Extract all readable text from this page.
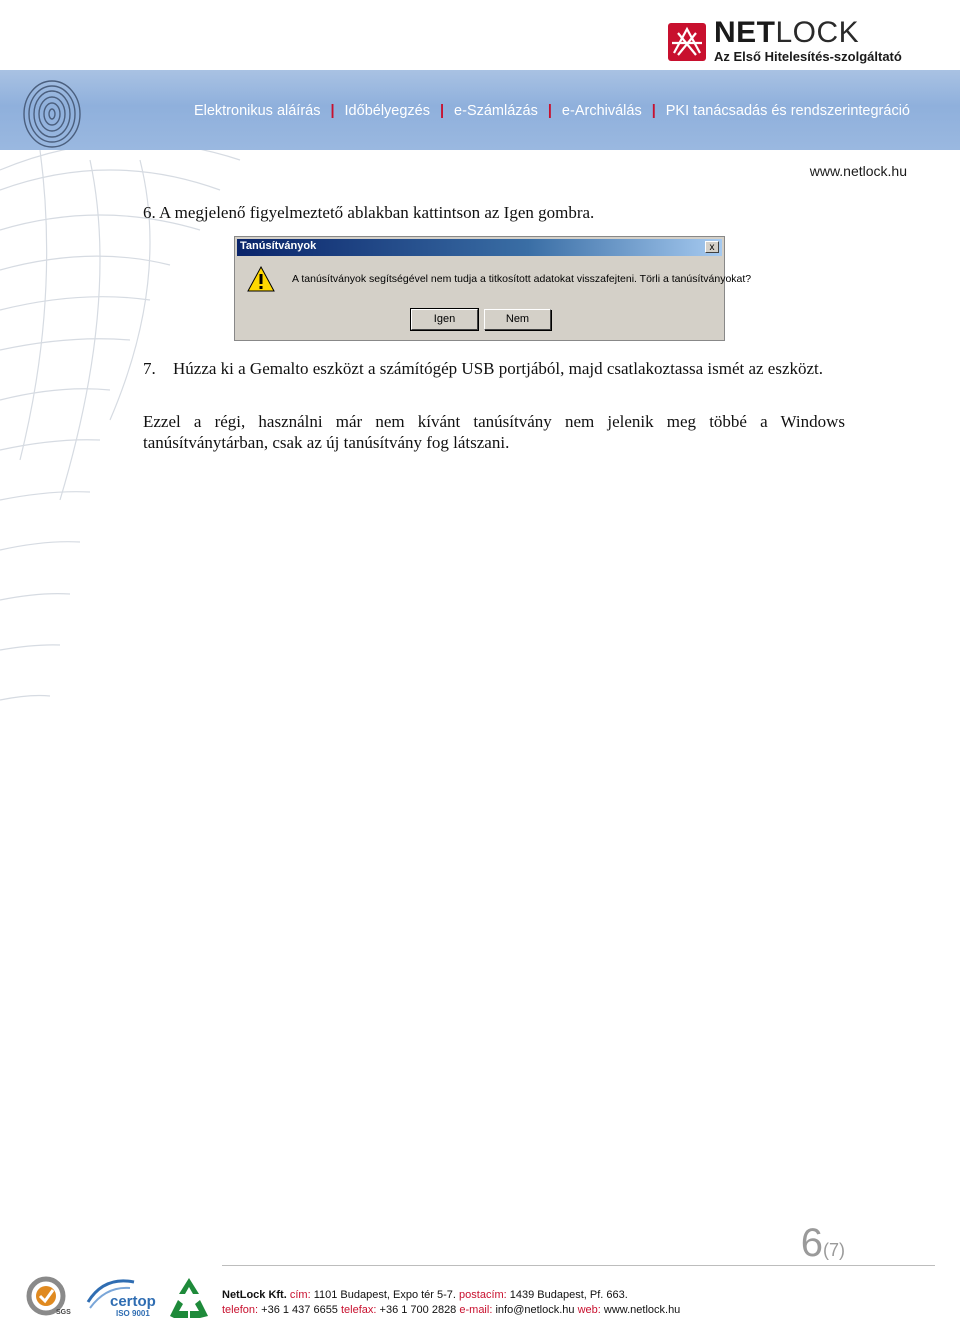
NETLOCK
Az Első Hitelesítés-szolgáltató
Elektronikus aláírás | Időbélyegzés | e-Számlázás | e-Archiválás | PKI tanácsadás és rendszerintegráció
www.netlock.hu
6. A megjelenő figyelmeztető ablakban kattintson az Igen gombra.
Tanúsítványok	x
A tanúsítványok segítségével nem tudja a titkosított adatokat visszafejteni. Törli a tanúsítványokat?
Igen	Nem
7. Húzza ki a Gemalto eszközt a számítógép USB portjából, majd csatlakoztassa ismét az eszközt.
Ezzel a régi, használni már nem kívánt tanúsítvány nem jelenik meg többé a Windows tanúsítványtárban, csak az új tanúsítvány fog látszani.
6(7)
SGS
certop
ISO 9001
NetLock Kft. cím: 1101 Budapest, Expo tér 5-7. postacím: 1439 Budapest, Pf. 663.
telefon: +36 1 437 6655 telefax: +36 1 700 2828 e-mail: info@netlock.hu web: www.netlock.hu
